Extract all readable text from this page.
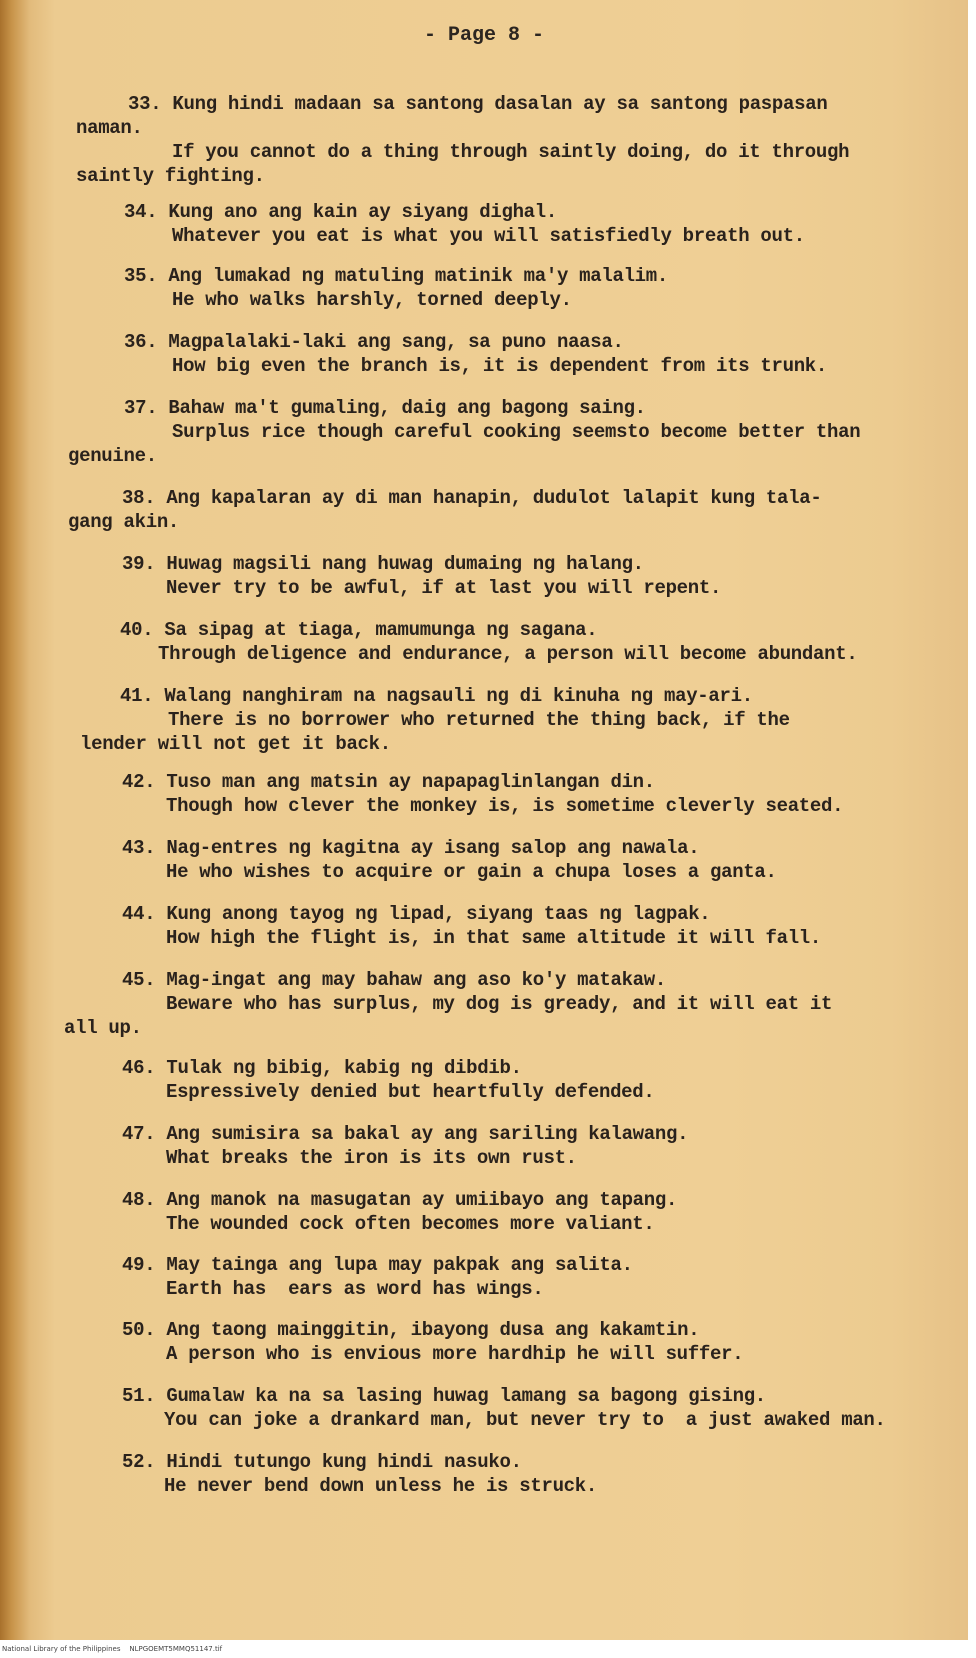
- Page 8 -
33. Kung hindi madaan sa santong dasalan ay sa santong paspasan
naman.
If you cannot do a thing through saintly doing, do it through
saintly fighting.
34. Kung ano ang kain ay siyang dighal.
Whatever you eat is what you will satisfiedly breath out.
35. Ang lumakad ng matuling matinik ma'y malalim.
He who walks harshly, torned deeply.
36. Magpalalaki-laki ang sang, sa puno naasa.
How big even the branch is, it is dependent from its trunk.
37. Bahaw ma't gumaling, daig ang bagong saing.
Surplus rice though careful cooking seemsto become better than
genuine.
38. Ang kapalaran ay di man hanapin, dudulot lalapit kung tala-
gang akin.
39. Huwag magsili nang huwag dumaing ng halang.
Never try to be awful, if at last you will repent.
40. Sa sipag at tiaga, mamumunga ng sagana.
Through deligence and endurance, a person will become abundant.
41. Walang nanghiram na nagsauli ng di kinuha ng may-ari.
There is no borrower who returned the thing back, if the
lender will not get it back.
42. Tuso man ang matsin ay napapaglinlangan din.
Though how clever the monkey is, is sometime cleverly seated.
43. Nag-entres ng kagitna ay isang salop ang nawala.
He who wishes to acquire or gain a chupa loses a ganta.
44. Kung anong tayog ng lipad, siyang taas ng lagpak.
How high the flight is, in that same altitude it will fall.
45. Mag-ingat ang may bahaw ang aso ko'y matakaw.
Beware who has surplus, my dog is gready, and it will eat it
all up.
46. Tulak ng bibig, kabig ng dibdib.
Espressively denied but heartfully defended.
47. Ang sumisira sa bakal ay ang sariling kalawang.
What breaks the iron is its own rust.
48. Ang manok na masugatan ay umiibayo ang tapang.
The wounded cock often becomes more valiant.
49. May tainga ang lupa may pakpak ang salita.
Earth has  ears as word has wings.
50. Ang taong mainggitin, ibayong dusa ang kakamtin.
A person who is envious more hardhip he will suffer.
51. Gumalaw ka na sa lasing huwag lamang sa bagong gising.
You can joke a drankard man, but never try to  a just awaked man.
52. Hindi tutungo kung hindi nasuko.
He never bend down unless he is struck.
National Library of the Philippines    NLPGOEMT5MMQ51147.tif
